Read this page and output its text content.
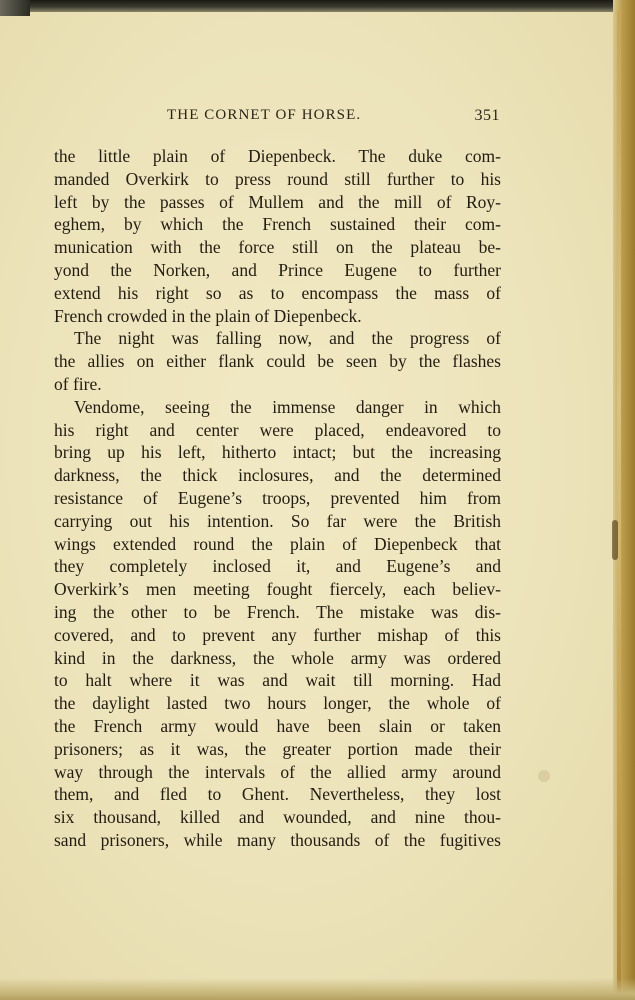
THE CORNET OF HORSE.	351
the little plain of Diepenbeck. The duke com-
manded Overkirk to press round still further to his
left by the passes of Mullem and the mill of Roy-
eghem, by which the French sustained their com-
munication with the force still on the plateau be-
yond the Norken, and Prince Eugene to further
extend his right so as to encompass the mass of
French crowded in the plain of Diepenbeck.
The night was falling now, and the progress of
the allies on either flank could be seen by the flashes
of fire.
Vendome, seeing the immense danger in which
his right and center were placed, endeavored to
bring up his left, hitherto intact; but the increasing
darkness, the thick inclosures, and the determined
resistance of Eugene’s troops, prevented him from
carrying out his intention. So far were the British
wings extended round the plain of Diepenbeck that
they completely inclosed it, and Eugene’s and
Overkirk’s men meeting fought fiercely, each believ-
ing the other to be French. The mistake was dis-
covered, and to prevent any further mishap of this
kind in the darkness, the whole army was ordered
to halt where it was and wait till morning. Had
the daylight lasted two hours longer, the whole of
the French army would have been slain or taken
prisoners; as it was, the greater portion made their
way through the intervals of the allied army around
them, and fled to Ghent. Nevertheless, they lost
six thousand, killed and wounded, and nine thou-
sand prisoners, while many thousands of the fugitives
